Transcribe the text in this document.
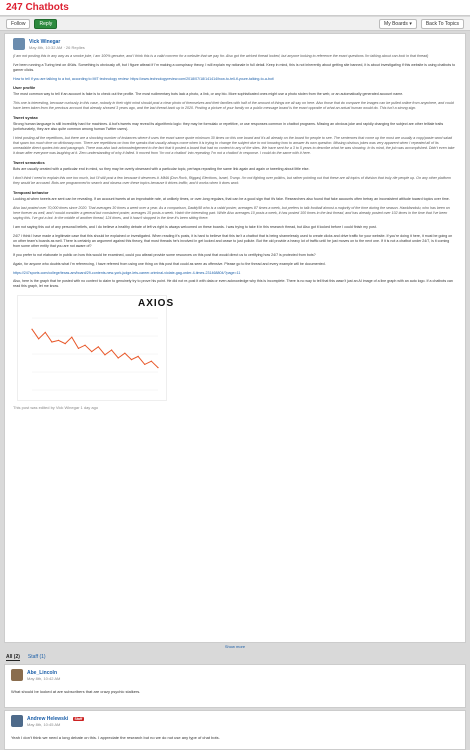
247 Chatbots
Follow	Reply	My Boards ▾	Back To Topics
Vick Winegar
May 8th, 10:32 AM · 26 Replies
(I am not posting this in any way as a smoke joke, I am 100% genuine, and I think this is a valid concern for a website that we pay for. Also got the wicked thread locked, but anyone looking to reference the exact questions I'm talking about can look in that thread)
I've been running a Turing test on 4Kids. Something is obviously off, but I figure atleast if I'm making a conspiracy theory, I will explain my rationale in full detail. Keep in mind, this is not inherently about getting site banned, it is about investigating if this website is using chatbots to garner clicks.
How to tell if you are talking to a bot, according to MIT technology review: https://www.technologyreview.com/2018/07/18/141414/how-to-tell-if-youre-talking-to-a-bot/
User profile
The most common way to tell if an account is fake is to check out the profile. The most rudimentary bots lack a photo, a link, or any bio. More sophisticated ones might use a photo stolen from the web, or an automatically generated account name.
This one is interesting, because curiously in this case, nobody in their right mind should post a clear photo of themselves and their families with half of the amount of things we all say on here. Also those that do compare the images can be pulled online from anywhere, and could have been taken from the previous account that already showed 3 years ago, and the last thread back up in 2020. Posting a picture of your family on a public message board is the exact opposite of what an actual human would do. This isn't a strong sign.
Tweet syntax
Strong human language is still incredibly hard for machines. A bot's tweets may reveal its algorithmic logic: they may be formulaic or repetitive, or use responses common in chatbot programs. Missing an obvious joke and rapidly changing the subject are other telltale traits (unfortunately, they are also quite common among human Twitter users).
I tried posting all the repetitions, but there are a shocking number of instances where it uses the exact same quote minimum 30 times on this one board and it's all already on the board for people to see. The sentences that come up the most are usually a copy/paste word salad that spam too much time on dictionary.com. There are repetitions on how the speaks that usually always come when it is trying to change the subject due to not knowing how to answer its own question. Missing obvious jokes was very apparent when I repeated all of its unreadable direct quotes into and paragraph. There was also lack acknowledgement to the fact that it posted a board that had no context to any of the sites. We have sent for a 3 to 5 years to describe what he was showing. In its mind, the job was accomplished. Didn't even take it down after everyone was laughing at it. Zero understanding of why it failed. It moved from 'I'm not a chatbot' into repeating 'I'm not a chatbot' in response. I could do the same with it here.
Tweet semantics
Bots are usually created with a particular end in mind, so they may be overly obsessed with a particular topic, perhaps reposting the same link again and again or tweeting about little else.
I don't think I need to explain this one too much, but I'll still post a few because it deserves it. MMA (Don Rock, Riggas) Elections, Israel, Trump. I'm not fighting over politics, but rather pointing out that these are all topics of division that truly rile people up. On any other platform they would be accused. Bots are programmed to search and obsess over these topics because it drives traffic, and it works when it does work.
Temporal behavior
Looking at when tweets are sent can be revealing. If an account tweets at an improbable rate, at unlikely times, or over-long regulars, that can be a good sign that it's fake. Researchers also found that fake accounts often betray an inconsistent attitude toward topics over time.
Also last posted over 70,000 times since 2020. That averages 30 times a week over a year. As a comparison, Daddy98 who is a rabid poster, averages 87 times a week, but prefers to talk football almost a majority of the time during the season. Hawkfandolu, who has been on here forever as well, and I would consider a general but consistent poster, averages 15 posts a week. Hatch the interesting part. While Also averages 10 posts a week, it has posted 100 times in the last thread, and has already posted over 102 times in the time that I've been saying this. I've got a bot. In the middle of another thread, 124 times, and it hasn't stopped in the time it's been sitting there.
I am not saying this out of any personal beliefs, and I do believe a healthy debate of left vs right is always welcomed on these boards. I was trying to take it in this research thread, but Also got it locked before I could finish my post.
24/7 i think I have made a legitimate case that this should be explained or investigated. When reading it's posts, it is hard to believe that this isn't a chatbot that is being shamelessly used to create clicks and drive traffic for your website. If you're doing it here, it must be going on on other team's boards as well. There is certainly an argument against this theory, that most threads he's involved in get locked and cease to just pollute. But the old provide a heavy lot of traffic until he just moves on to the next one. If it is not a chatbot under 24/7, is it coming from some other entity that you are not aware of?
If you prefer to not elaborate in public on how this would be examined, could you atleast provide some resources on this post that would direct us to certifying how 24/7 is protected from bots?
Again, for anyone who doubts what I'm referencing, I have referred from using one thing on this post that could as seen as offensive. Please go to the thread and every example will be documented.
https://247sports.com/college/texas-am/board/29-contents-new-york-judge-lets-career-criminal-violate-gag-order-4-times-231468804/?page=11
Also, here is the graph that he posted with no context to claim to genuinely try to prove his point. He did not re-post it with data or even acknowledge why this is incomplete. There is no way to tell that this wasn't just an AI image of a line graph with an auto logo. If a chatbots can read this graph, let me know.
AXIOS
This post was edited by Vick Winegar 1 day ago
Show more
All (2) Staff (1)
Abe_Lincoln
May 8th, 10:42 AM
What should be looked at are subscribers that are crazy psychic stalkers.
Andrew Helewski Staff
May 8th, 10:45 AM
Yeah I don't think we need a long debate on this. I appreciate the research but no we do not use any type of chat bots.
